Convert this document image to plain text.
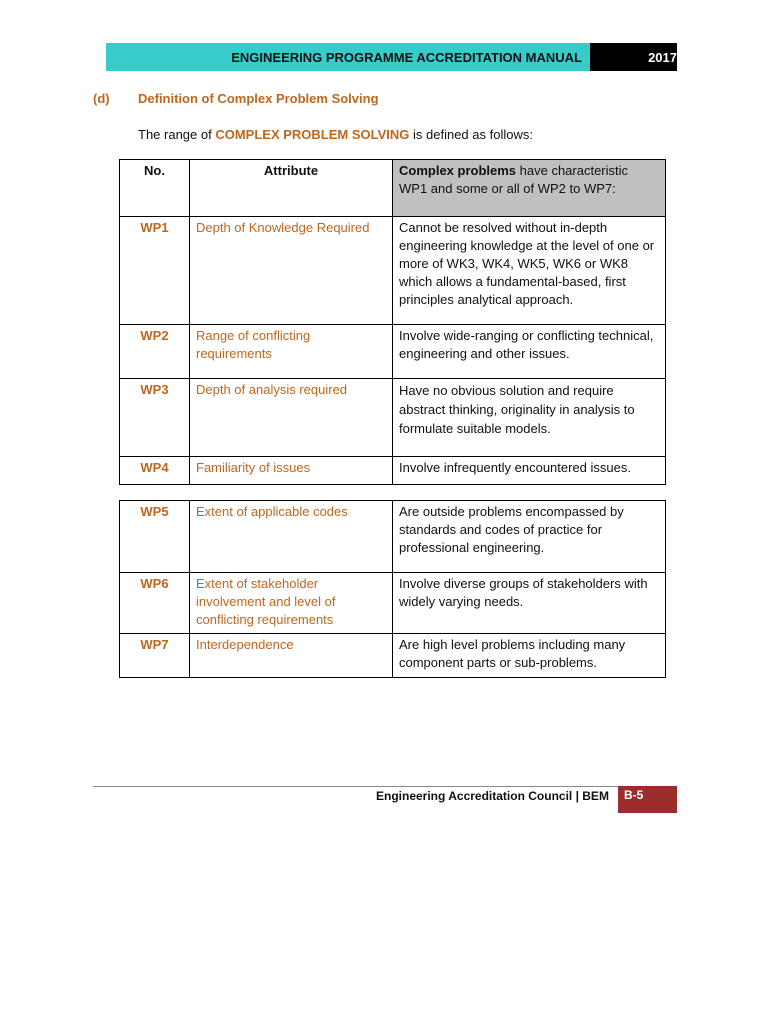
ENGINEERING PROGRAMME ACCREDITATION MANUAL	2017
(d) Definition of Complex Problem Solving
The range of COMPLEX PROBLEM SOLVING is defined as follows:
No.	Attribute	Complex problems have characteristic WP1 and some or all of WP2 to WP7:
WP1	Depth of Knowledge Required	Cannot be resolved without in-depth engineering knowledge at the level of one or more of WK3, WK4, WK5, WK6 or WK8 which allows a fundamental-based, first principles analytical approach.
WP2	Range of conflicting requirements	Involve wide-ranging or conflicting technical, engineering and other issues.
WP3	Depth of analysis required	Have no obvious solution and require abstract thinking, originality in analysis to formulate suitable models.
WP4	Familiarity of issues	Involve infrequently encountered issues.
WP5	Extent of applicable codes	Are outside problems encompassed by standards and codes of practice for professional engineering.
WP6	Extent of stakeholder involvement and level of conflicting requirements	Involve diverse groups of stakeholders with widely varying needs.
WP7	Interdependence	Are high level problems including many component parts or sub-problems.
Engineering Accreditation Council | BEM	B-5
